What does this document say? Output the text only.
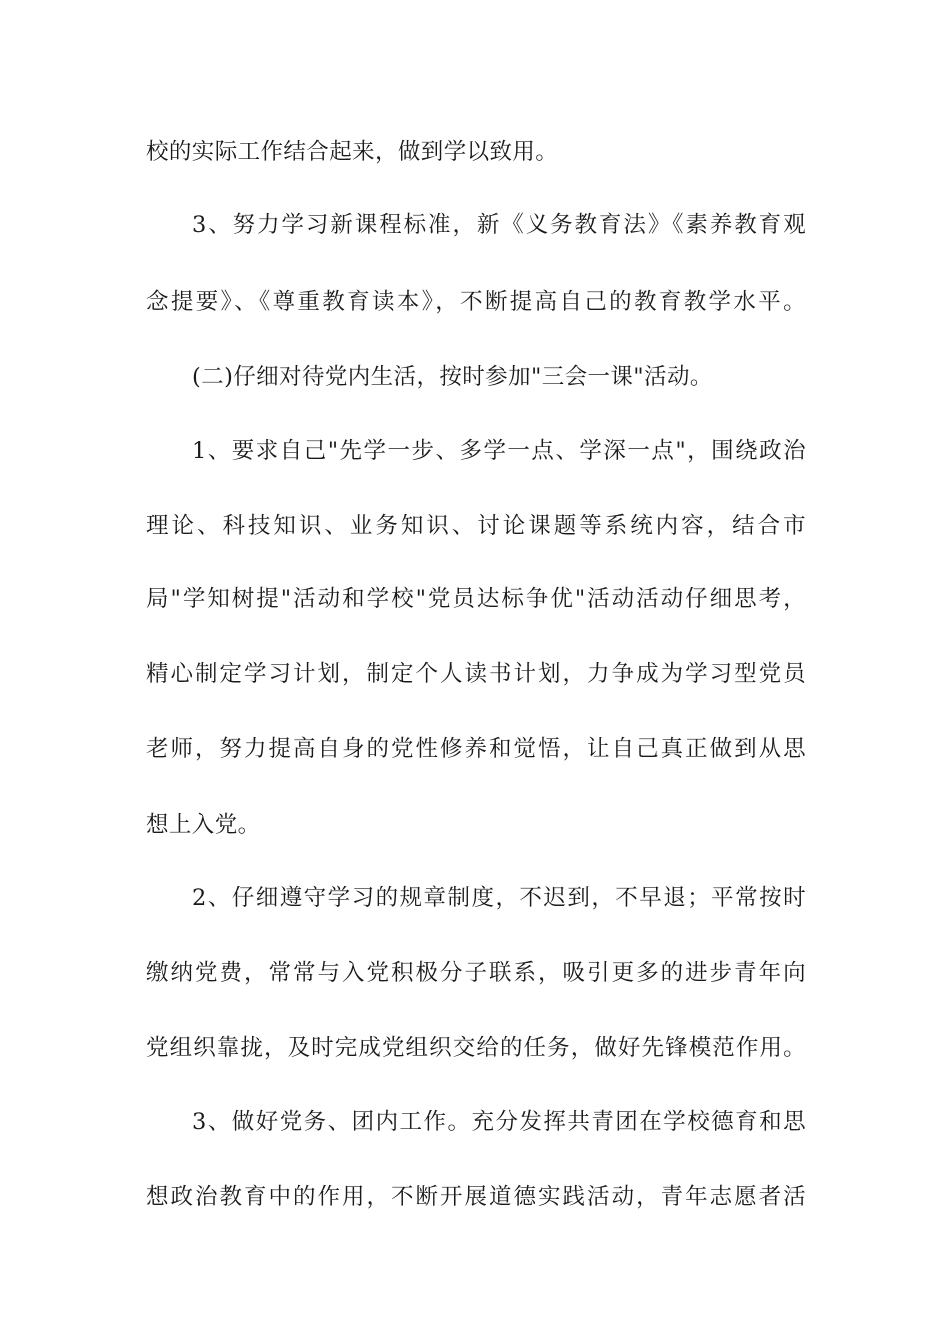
校的实际工作结合起来，做到学以致用。
3、努力学习新课程标准，新《义务教育法》《素养教育观
念提要》、《尊重教育读本》，不断提高自己的教育教学水平。
(二)仔细对待党内生活，按时参加"三会一课"活动。
1、要求自己"先学一步、多学一点、学深一点"，围绕政治
理论、科技知识、业务知识、讨论课题等系统内容，结合市
局"学知树提"活动和学校"党员达标争优"活动活动仔细思考，
精心制定学习计划，制定个人读书计划，力争成为学习型党员
老师，努力提高自身的党性修养和觉悟，让自己真正做到从思
想上入党。
2、仔细遵守学习的规章制度，不迟到，不早退；平常按时
缴纳党费，常常与入党积极分子联系，吸引更多的进步青年向
党组织靠拢，及时完成党组织交给的任务，做好先锋模范作用。
3、做好党务、团内工作。充分发挥共青团在学校德育和思
想政治教育中的作用，不断开展道德实践活动，青年志愿者活
